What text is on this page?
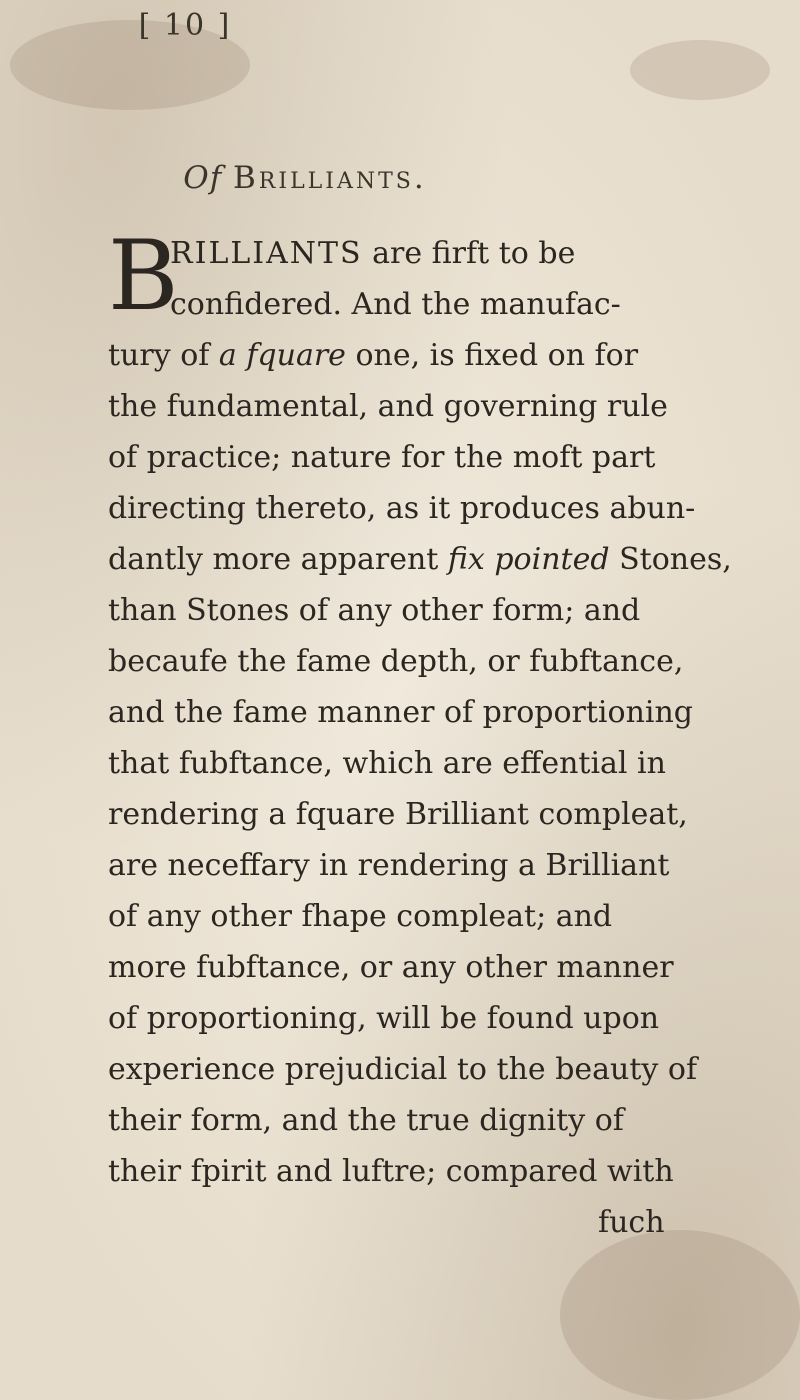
[ 10 ]
Of Brilliants.
RILLIANTS are firft to be
confidered. And the manufac-
tury of a fquare one, is fixed on for
the fundamental, and governing rule
of practice; nature for the moft part
directing thereto, as it produces abun-
dantly more apparent fix pointed Stones,
than Stones of any other form; and
becaufe the fame depth, or fubftance,
and the fame manner of proportioning
that fubftance, which are effential in
rendering a fquare Brilliant compleat,
are neceffary in rendering a Brilliant
of any other fhape compleat; and
more fubftance, or any other manner
of proportioning, will be found upon
experience prejudicial to the beauty of
their form, and the true dignity of
their fpirit and luftre; compared with
fuch
B
